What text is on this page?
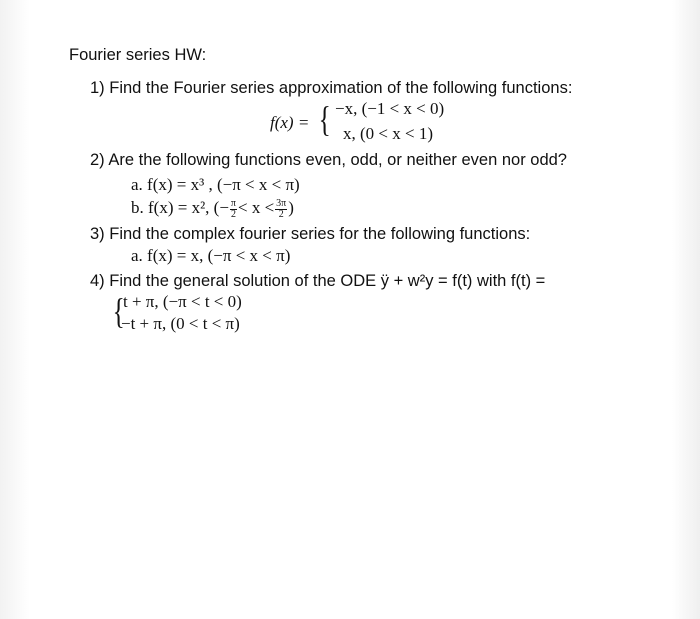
Fourier series HW:
1) Find the Fourier series approximation of the following functions:
f(x) = { −x, (−1 < x < 0)
x, (0 < x < 1)
2) Are the following functions even, odd, or neither even nor odd?
a. f(x) = x³ , (−π < x < π)
b. f(x) = x², (− $\frac{\pi}{2} < x < \frac{3\pi}{2}$ )
3) Find the complex fourier series for the following functions:
a. f(x) = x, (−π < x < π)
4) Find the general solution of the ODE ÿ + w²y = f(t) with f(t) =
{
t + π, (−π < t < 0)
−t + π, (0 < t < π)
